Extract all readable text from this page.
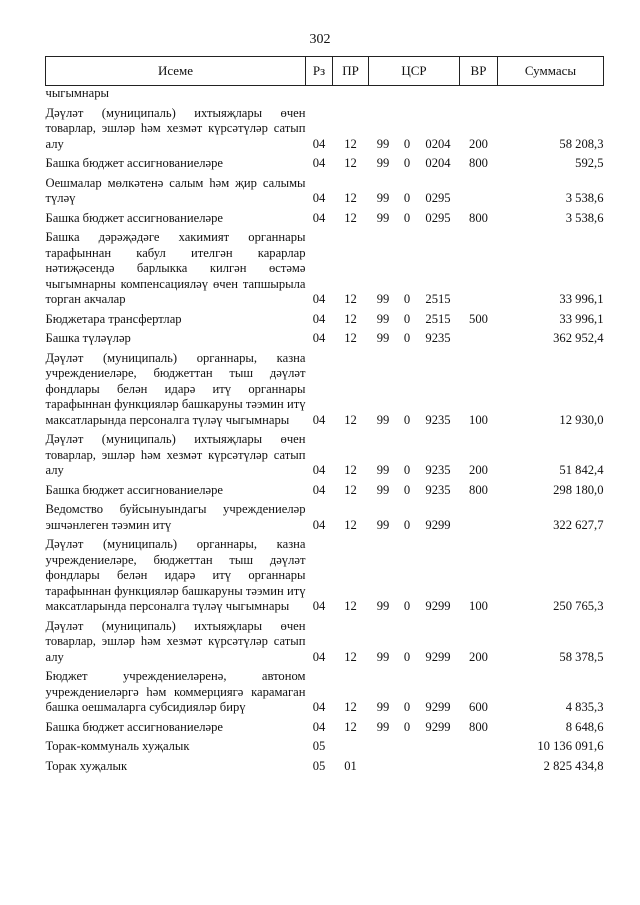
302
Исеме	Рз	ПР	ЦСР			ВР	Суммасы
чыгымнары							
Дәүләт (муниципаль) ихтыяҗлары өчен товарлар, эшләр һәм хезмәт күрсәтүләр сатып алу	04	12	99	0	0204	200	58 208,3
Башка бюджет ассигнованиеләре	04	12	99	0	0204	800	592,5
Оешмалар мөлкәтенә салым һәм җир салымы түләү	04	12	99	0	0295		3 538,6
Башка бюджет ассигнованиеләре	04	12	99	0	0295	800	3 538,6
Башка дәрәҗәдәге хакимият органнары тарафыннан кабул ителгән карарлар нәтиҗәсендә барлыкка килгән өстәмә чыгымнарны компенсацияләү өчен тапшырыла торган акчалар	04	12	99	0	2515		33 996,1
Бюджетара трансфертлар	04	12	99	0	2515	500	33 996,1
Башка түләүләр	04	12	99	0	9235		362 952,4
Дәүләт (муниципаль) органнары, казна учреждениеләре, бюджеттан тыш дәүләт фондлары белән идарә итү органнары тарафыннан функцияләр башкаруны тәэмин итү максатларында персоналга түләү чыгымнары	04	12	99	0	9235	100	12 930,0
Дәүләт (муниципаль) ихтыяҗлары өчен товарлар, эшләр һәм хезмәт күрсәтүләр сатып алу	04	12	99	0	9235	200	51 842,4
Башка бюджет ассигнованиеләре	04	12	99	0	9235	800	298 180,0
Ведомство буйсынуындагы учреждениеләр эшчәнлеген тәэмин итү	04	12	99	0	9299		322 627,7
Дәүләт (муниципаль) органнары, казна учреждениеләре, бюджеттан тыш дәүләт фондлары белән идарә итү органнары тарафыннан функцияләр башкаруны тәэмин итү максатларында персоналга түләү чыгымнары	04	12	99	0	9299	100	250 765,3
Дәүләт (муниципаль) ихтыяҗлары өчен товарлар, эшләр һәм хезмәт күрсәтүләр сатып алу	04	12	99	0	9299	200	58 378,5
Бюджет учреждениеләренә, автоном учреждениеләргә һәм коммерциягә карамаган башка оешмаларга субсидияләр бирү	04	12	99	0	9299	600	4 835,3
Башка бюджет ассигнованиеләре	04	12	99	0	9299	800	8 648,6
Торак-коммуналь хуҗалык	05						10 136 091,6
Торак хуҗалык	05	01					2 825 434,8
